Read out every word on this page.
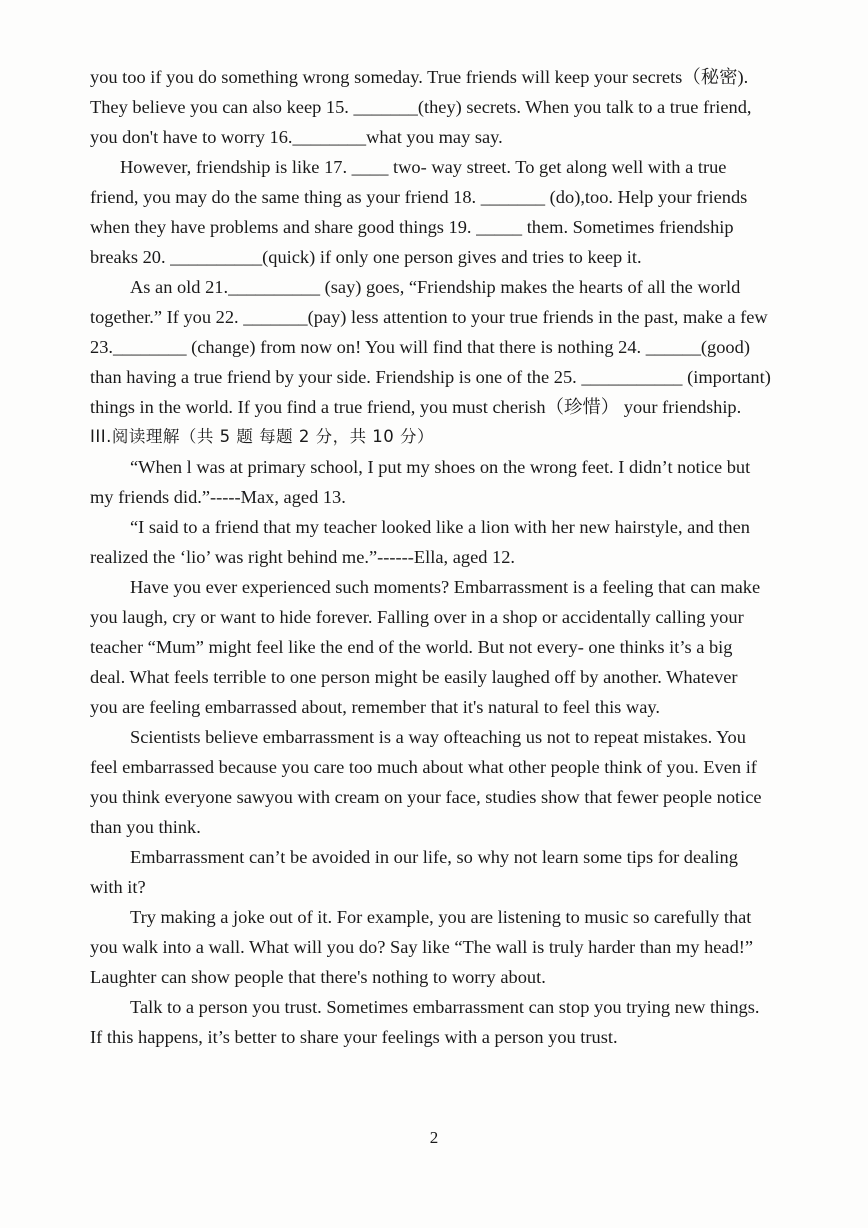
you too if you do something wrong someday. True friends will keep your secrets（秘密).
They believe you can also keep 15. _______(they) secrets. When you talk to a true friend,
you don't have to worry 16.________what you may say.
However, friendship is like 17. ____ two- way street. To get along well with a true
friend, you may do the same thing as your friend 18. _______ (do),too. Help your friends
when they have problems and share good things 19. _____ them. Sometimes friendship
breaks 20. __________(quick) if only one person gives and tries to keep it.
As an old 21.__________ (say) goes, “Friendship makes the hearts of all the world
together.” If you 22. _______(pay) less attention to your true friends in the past, make a few
23.________ (change) from now on! You will find that there is nothing 24. ______(good)
than having a true friend by your side. Friendship is one of the 25. ___________ (important)
things in the world. If you find a true friend, you must cherish（珍惜） your friendship.
III.阅读理解（共 5 题 每题 2 分，共 10 分）
“When l was at primary school, I put my shoes on the wrong feet. I didn’t notice but
my friends did.”-----Max, aged 13.
“I said to a friend that my teacher looked like a lion with her new hairstyle, and then
realized the ‘lio’ was right behind me.”------Ella, aged 12.
Have you ever experienced such moments? Embarrassment is a feeling that can make
you laugh, cry or want to hide forever. Falling over in a shop or accidentally calling your
teacher “Mum” might feel like the end of the world. But not every- one thinks it’s a big
deal. What feels terrible to one person might be easily laughed off by another. Whatever
you are feeling embarrassed about, remember that it's natural to feel this way.
Scientists believe embarrassment is a way ofteaching us not to repeat mistakes. You
feel embarrassed because you care too much about what other people think of you. Even if
you think everyone sawyou with cream on your face, studies show that fewer people notice
than you think.
Embarrassment can’t be avoided in our life, so why not learn some tips for dealing
with it?
Try making a joke out of it. For example, you are listening to music so carefully that
you walk into a wall. What will you do? Say like “The wall is truly harder than my head!”
Laughter can show people that there's nothing to worry about.
Talk to a person you trust. Sometimes embarrassment can stop you trying new things.
If this happens, it’s better to share your feelings with a person you trust.
2
